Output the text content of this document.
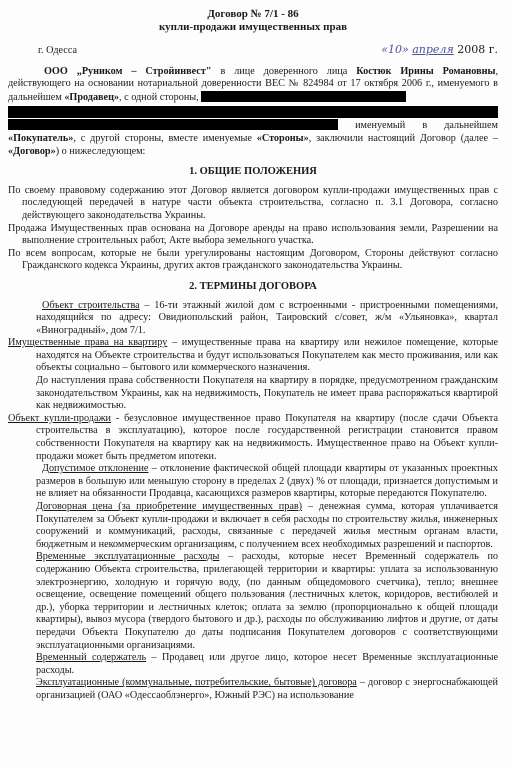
Договор № 7/1 - 86
купли-продажи имущественных прав
г. Одесса	«10» апреля 2008 г.

ООО „Руником – Стройинвест" в лице доверенного лица Костюк Ирины Романовны, действующего на основании нотариальной доверенности ВЕС № 824984 от 17 октября 2006 г., именуемого в дальнейшем «Продавец», с одной стороны,

именуемый в дальнейшем «Покупатель», с другой стороны, вместе именуемые «Стороны», заключили настоящий Договор (далее – «Договор») о нижеследующем:

1. ОБЩИЕ ПОЛОЖЕНИЯ

По своему правовому содержанию этот Договор является договором купли-продажи имущественных прав с последующей передачей в натуре части объекта строительства, согласно п. 3.1 Договора, согласно действующего законодательства Украины.

Продажа Имущественных прав основана на Договоре аренды на право использования земли, Разрешении на выполнение строительных работ, Акте выбора земельного участка.

По всем вопросам, которые не были урегулированы настоящим Договором, Стороны действуют согласно Гражданского кодекса Украины, других актов гражданского законодательства Украины.

2. ТЕРМИНЫ ДОГОВОРА

Объект строительства – 16-ти этажный жилой дом с встроенными - пристроенными помещениями, находящийся по адресу: Овидиопольский район, Таировский с/совет, ж/м «Ульяновка», квартал «Виноградный», дом 7/1.

Имущественные права на квартиру – имущественные права на квартиру или нежилое помещение, которые находятся на Объекте строительства и будут использоваться Покупателем как место проживания, или как объекты социально – бытового или коммерческого назначения.

До наступления права собственности Покупателя на квартиру в порядке, предусмотренном гражданским законодательством Украины, как на недвижимость, Покупатель не имеет права распоряжаться квартирой как недвижимостью.

Объект купли-продажи - безусловное имущественное право Покупателя на квартиру (после сдачи Объекта строительства в эксплуатацию), которое после государственной регистрации становится правом собственности Покупателя на квартиру как на недвижимость. Имущественное право на Объект купли-продажи может быть предметом ипотеки.

Допустимое отклонение – отклонение фактической общей площади квартиры от указанных проектных размеров в большую или меньшую сторону в пределах 2 (двух) % от площади, признается допустимым и не влияет на обязанности Продавца, касающихся размеров квартиры, которые передаются Покупателю.

Договорная цена (за приобретение имущественных прав) – денежная сумма, которая уплачивается Покупателем за Объект купли-продажи и включает в себя расходы по строительству жилья, инженерных сооружений и коммуникаций, расходы, связанные с передачей жилья местным органам власти, бюджетным и некоммерческим организациям, с получением всех необходимых разрешений и паспортов.

Временные эксплуатационные расходы – расходы, которые несет Временный содержатель по содержанию Объекта строительства, прилегающей территории и квартиры: уплата за использованную электроэнергию, холодную и горячую воду, (по данным общедомового счетчика), тепло; внешнее освещение, освещение помещений общего пользования (лестничных клеток, коридоров, вестибюлей и др.), уборка территории и лестничных клеток; оплата за землю (пропорционально к общей площади квартиры), вывоз мусора (твердого бытового и др.), расходы по обслуживанию лифтов и другие, от даты передачи Объекта Покупателю до даты подписания Покупателем договоров с соответствующими эксплуатационными организациями.

Временный содержатель – Продавец или другое лицо, которое несет Временные эксплуатационные расходы.

Эксплуатационные (коммунальные, потребительские, бытовые) договора – договор с энергоснабжающей организацией (ОАО «Одессаоблэнерго», Южный РЭС) на использование
